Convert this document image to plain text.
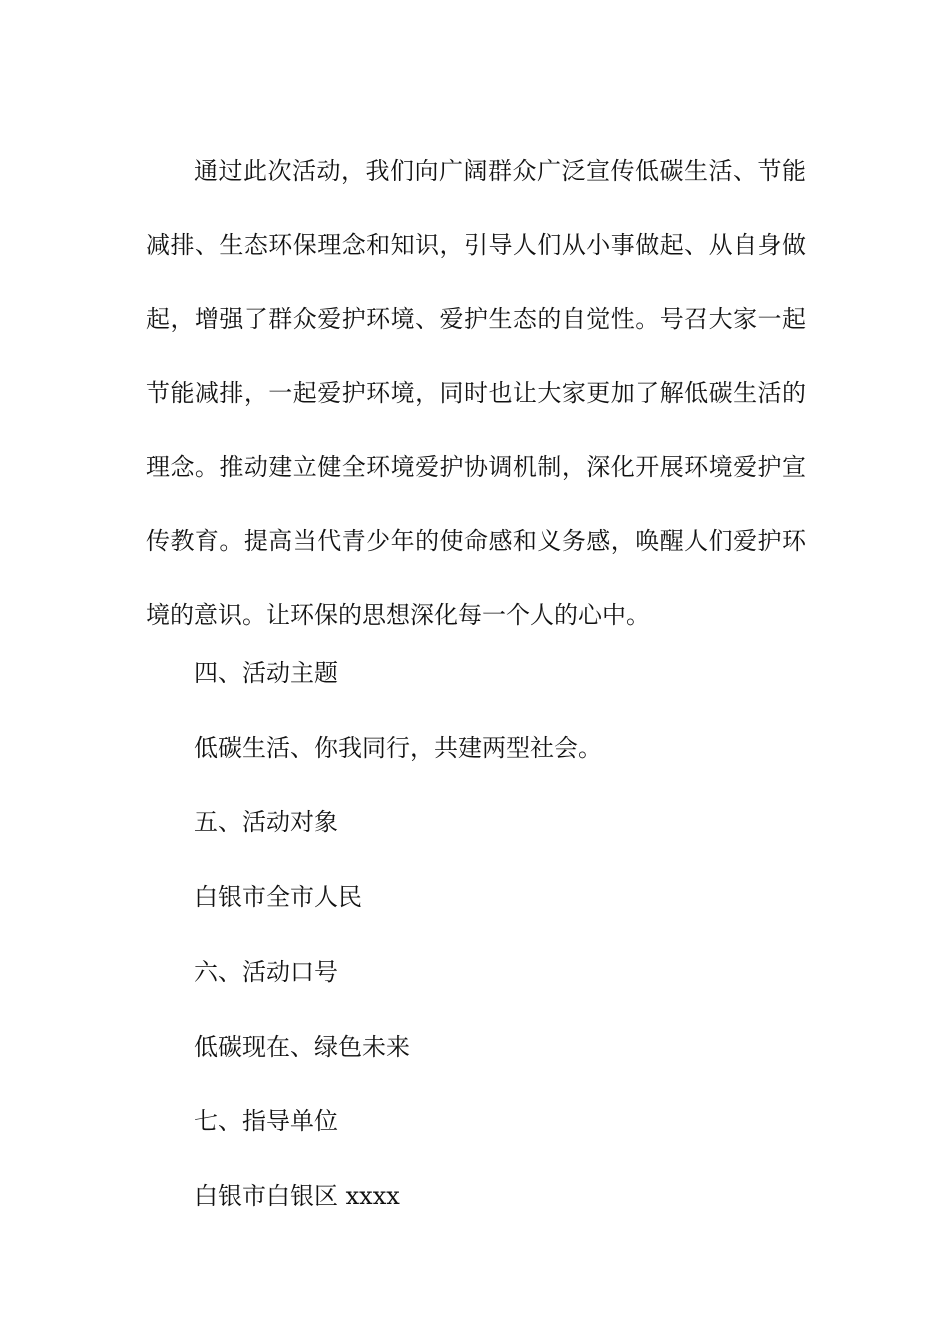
通过此次活动，我们向广阔群众广泛宣传低碳生活、节能减排、生态环保理念和知识，引导人们从小事做起、从自身做起，增强了群众爱护环境、爱护生态的自觉性。号召大家一起节能减排，一起爱护环境，同时也让大家更加了解低碳生活的理念。推动建立健全环境爱护协调机制，深化开展环境爱护宣传教育。提高当代青少年的使命感和义务感，唤醒人们爱护环境的意识。让环保的思想深化每一个人的心中。

四、活动主题

低碳生活、你我同行，共建两型社会。

五、活动对象

白银市全市人民

六、活动口号

低碳现在、绿色未来

七、指导单位

白银市白银区 xxxx
